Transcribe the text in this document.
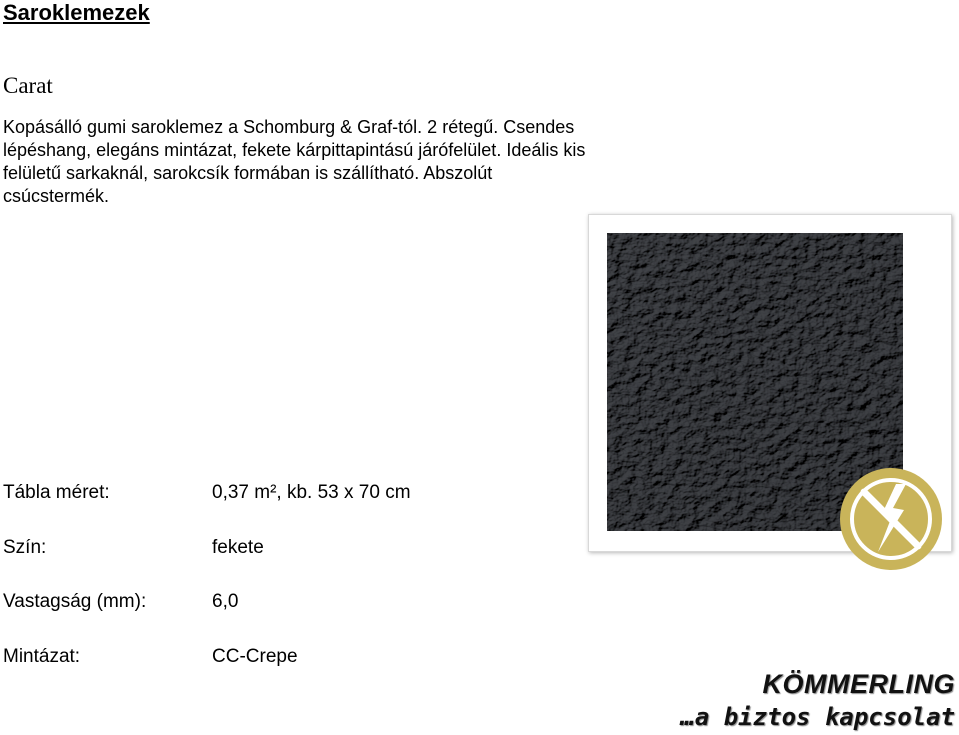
Saroklemezek
Carat
Kopásálló gumi saroklemez a Schomburg & Graf-tól. 2 rétegű. Csendes lépéshang, elegáns mintázat, fekete kárpittapintású járófelület. Ideális kis felületű sarkaknál, sarokcsík formában is szállítható. Abszolút csúcstermék.
Tábla méret:	0,37 m², kb. 53 x 70 cm
Szín:	fekete
Vastagság (mm):	6,0
Mintázat:	CC-Crepe
KÖMMERLING
…a biztos kapcsolat
